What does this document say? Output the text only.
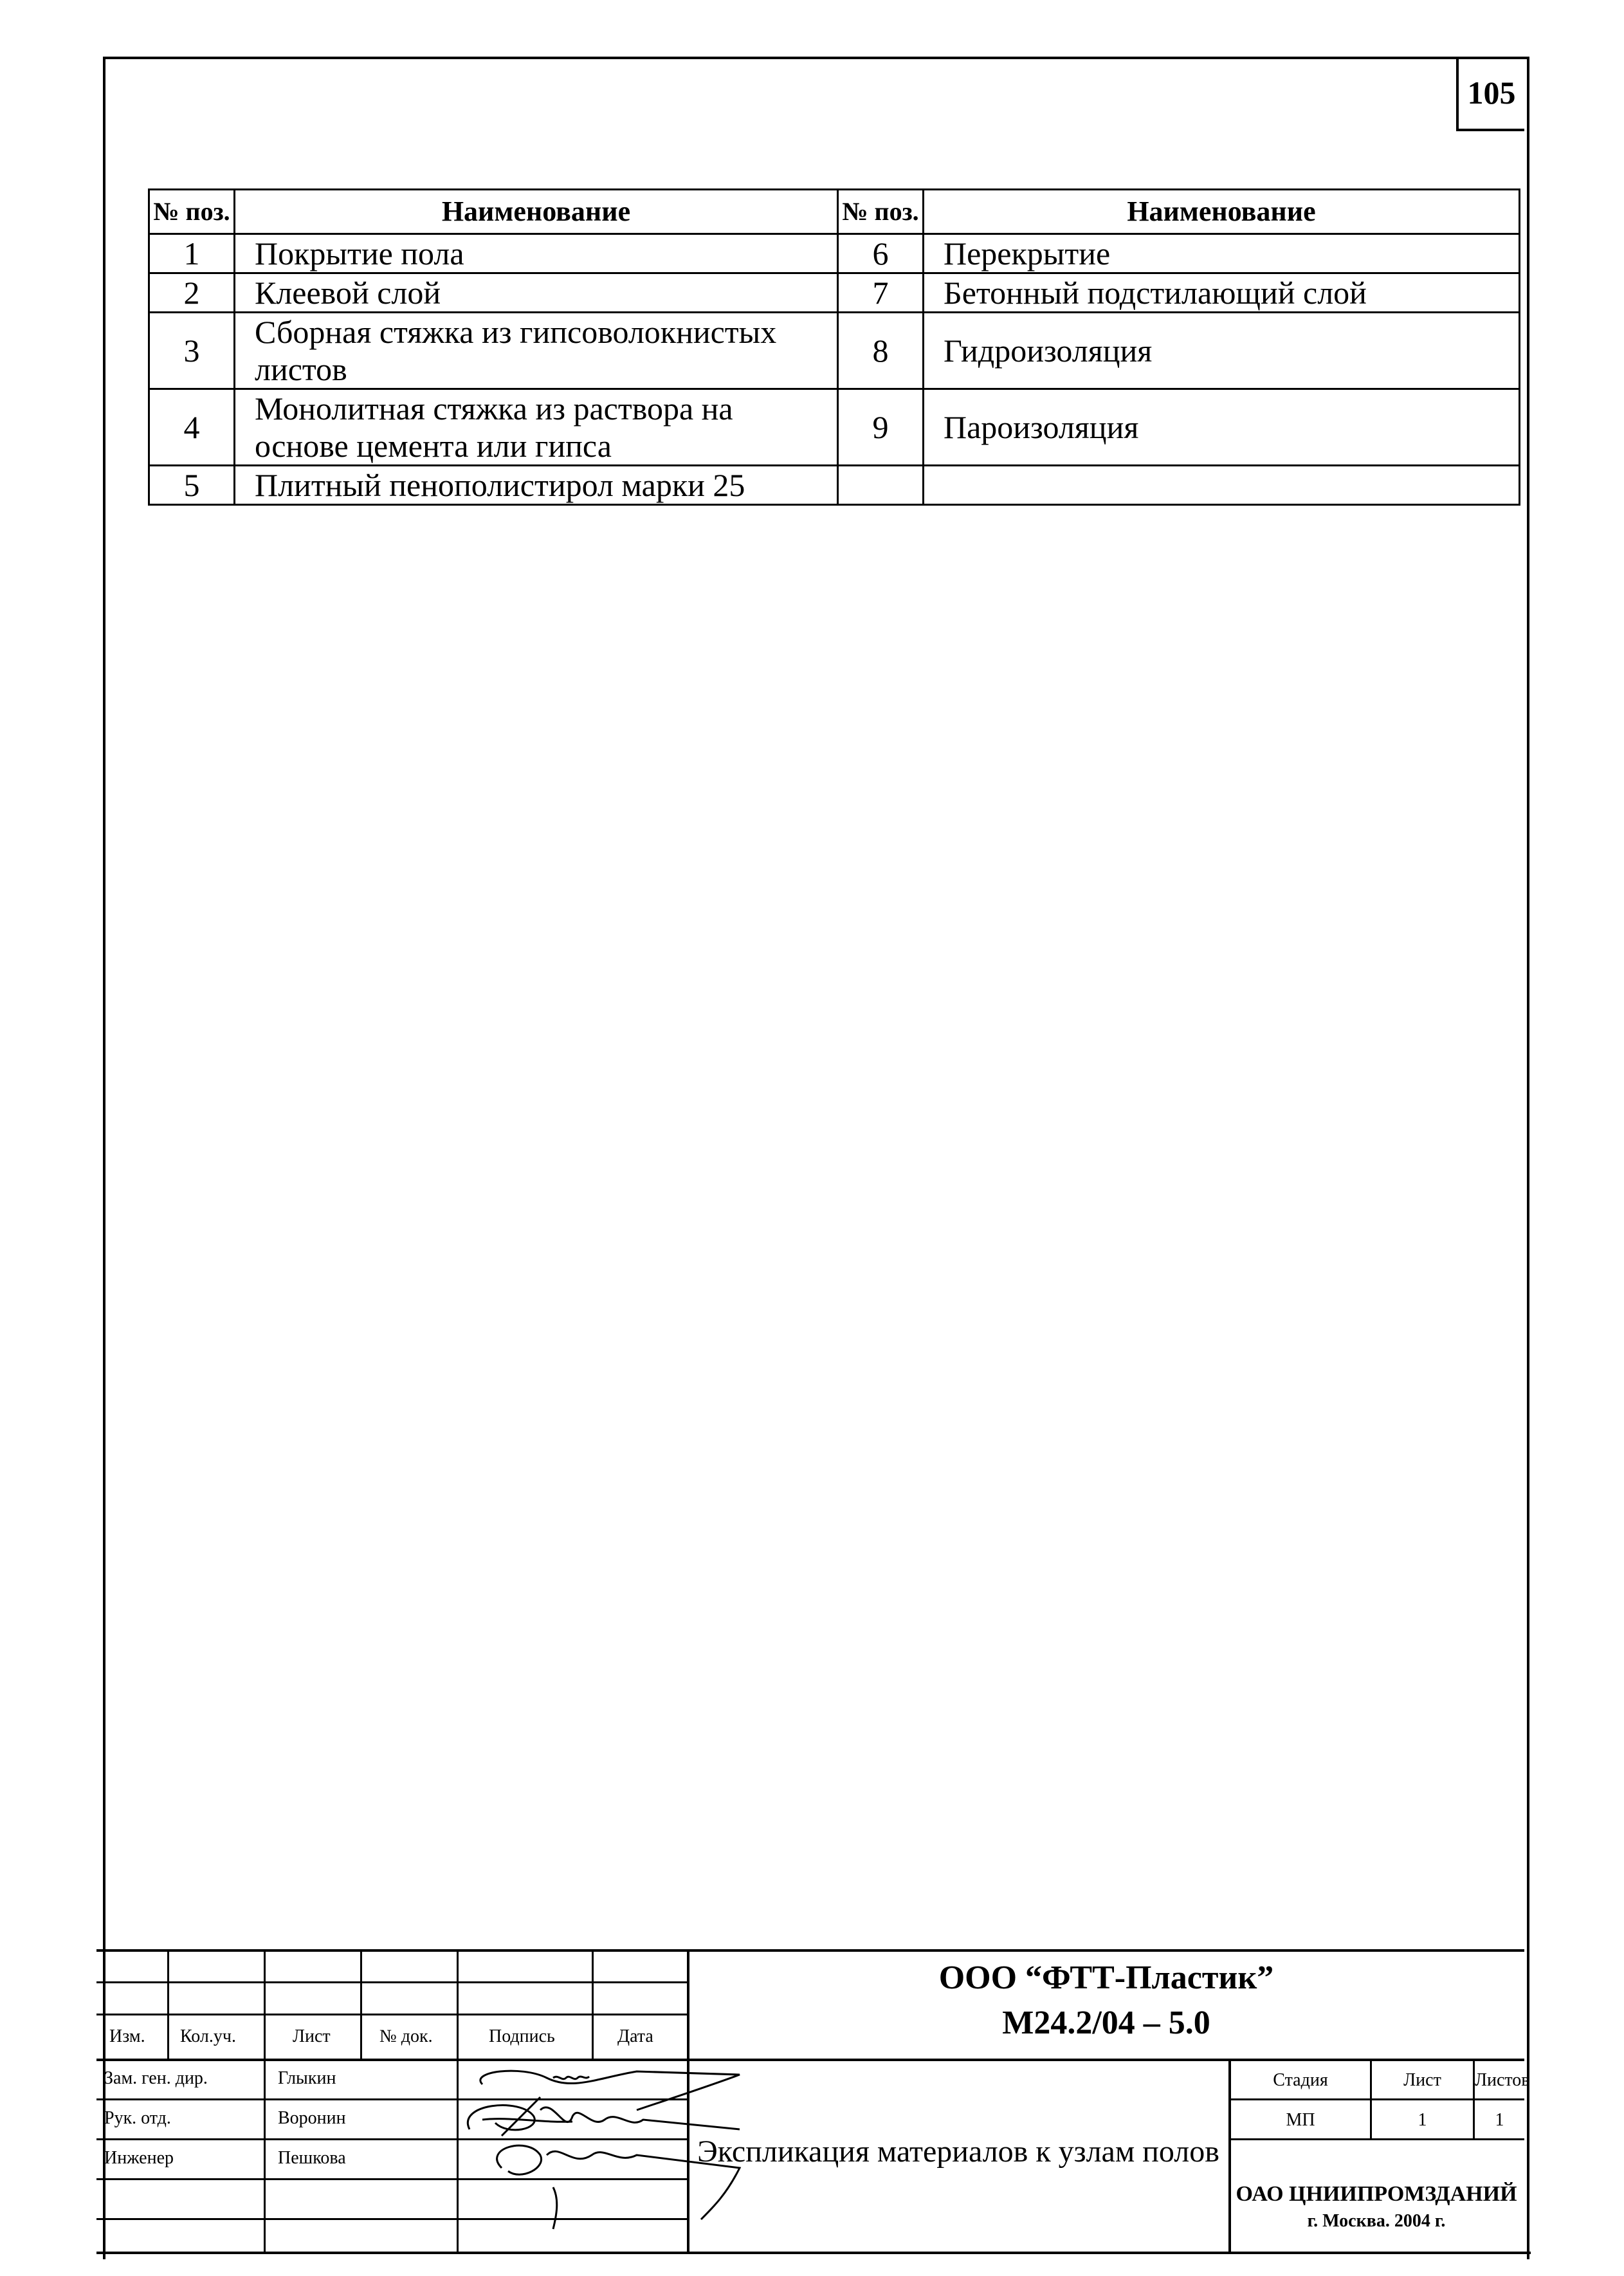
105
№ поз.	Наименование	№ поз.	Наименование
1	Покрытие пола	6	Перекрытие
2	Клеевой слой	7	Бетонный подстилающий слой
3	Сборная стяжка из гипсоволокнистых листов	8	Гидроизоляция
4	Монолитная стяжка из раствора на основе цемента или гипса	9	Пароизоляция
5	Плитный пенополистирол марки 25		
Изм. Кол.уч.	Лист	№ док.	Подпись	Дата
Зам. ген. дир.	Глыкин
Рук. отд.	Воронин
Инженер	Пешкова
ООО “ФТТ-Пластик”
М24.2/04 – 5.0
Экспликация материалов к узлам полов
Стадия	Лист	Листов
МП	1	1
ОАО ЦНИИПРОМЗДАНИЙ
г. Москва. 2004 г.
